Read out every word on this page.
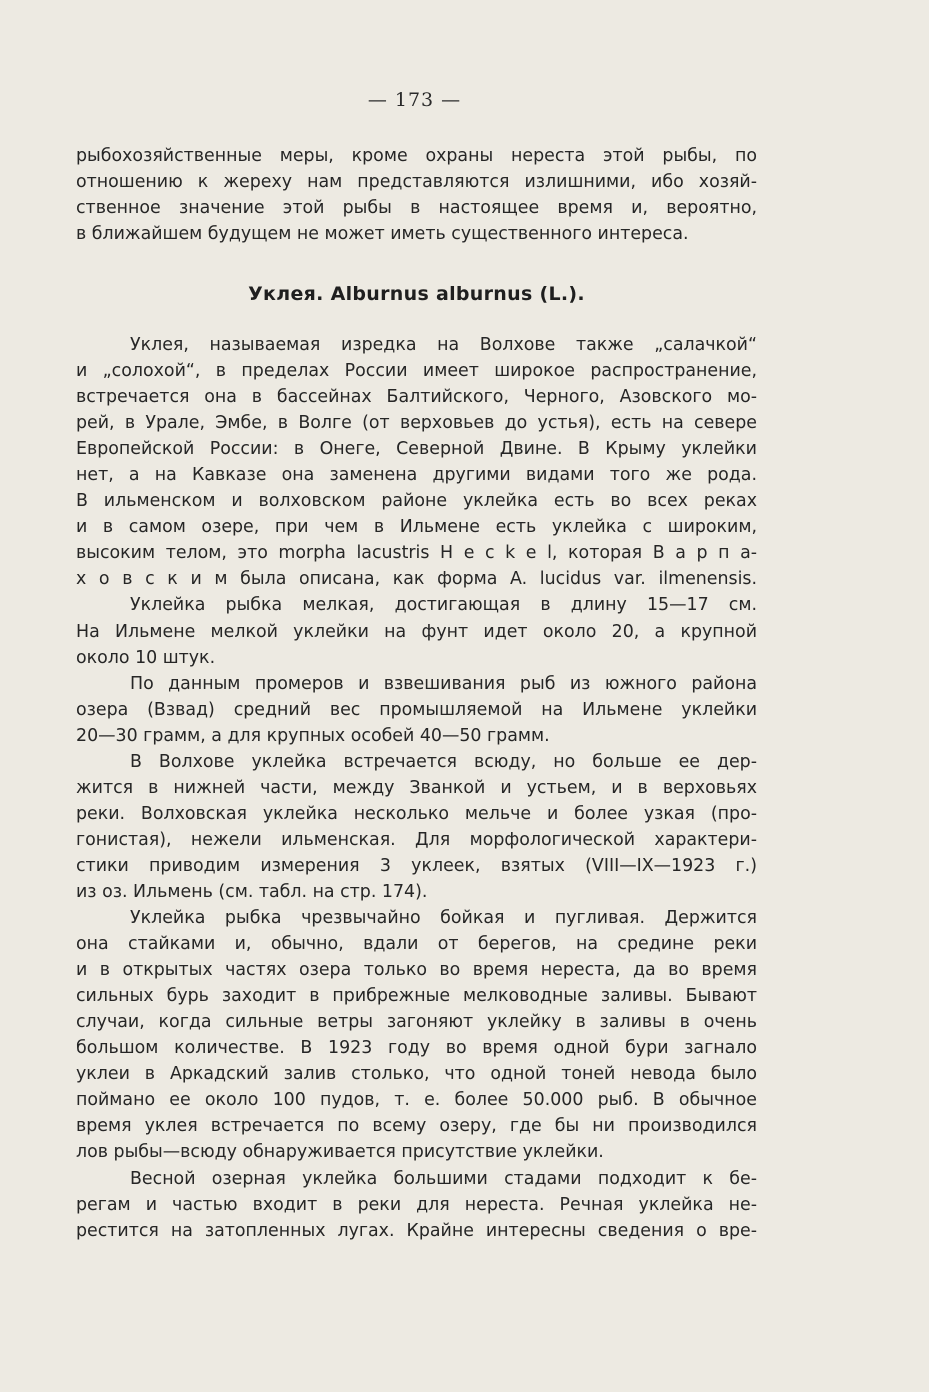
— 173 —
рыбохозяйственные меры, кроме охраны нереста этой рыбы, по
отношению к жереху нам представляются излишними, ибо хозяй-
ственное значение этой рыбы в настоящее время и, вероятно,
в ближайшем будущем не может иметь существенного интереса.
Уклея. Alburnus alburnus (L.).
Уклея, называемая изредка на Волхове также „салачкой“
и „солохой“, в пределах России имеет широкое распространение,
встречается она в бассейнах Балтийского, Черного, Азовского мо-
рей, в Урале, Эмбе, в Волге (от верховьев до устья), есть на севере
Европейской России: в Онеге, Северной Двине. В Крыму уклейки
нет, а на Кавказе она заменена другими видами того же рода.
В ильменском и волховском районе уклейка есть во всех реках
и в самом озере, при чем в Ильмене есть уклейка с широким,
высоким телом, это morpha lacustris H e c k e l, которая В а р п а-
х о в с к и м была описана, как форма A. lucidus var. ilmenensis.
Уклейка рыбка мелкая, достигающая в длину 15—17 см.
На Ильмене мелкой уклейки на фунт идет около 20, а крупной
около 10 штук.
По данным промеров и взвешивания рыб из южного района
озера (Взвад) средний вес промышляемой на Ильмене уклейки
20—30 грамм, а для крупных особей 40—50 грамм.
В Волхове уклейка встречается всюду, но больше ее дер-
жится в нижней части, между Званкой и устьем, и в верховьях
реки. Волховская уклейка несколько мельче и более узкая (про-
гонистая), нежели ильменская. Для морфологической характери-
стики приводим измерения 3 уклеек, взятых (VIII—IX—1923 г.)
из оз. Ильмень (см. табл. на стр. 174).
Уклейка рыбка чрезвычайно бойкая и пугливая. Держится
она стайками и, обычно, вдали от берегов, на средине реки
и в открытых частях озера только во время нереста, да во время
сильных бурь заходит в прибрежные мелководные заливы. Бывают
случаи, когда сильные ветры загоняют уклейку в заливы в очень
большом количестве. В 1923 году во время одной бури загнало
уклеи в Аркадский залив столько, что одной тоней невода было
поймано ее около 100 пудов, т. е. более 50.000 рыб. В обычное
время уклея встречается по всему озеру, где бы ни производился
лов рыбы—всюду обнаруживается присутствие уклейки.
Весной озерная уклейка большими стадами подходит к бе-
регам и частью входит в реки для нереста. Речная уклейка не-
рестится на затопленных лугах. Крайне интересны сведения о вре-
